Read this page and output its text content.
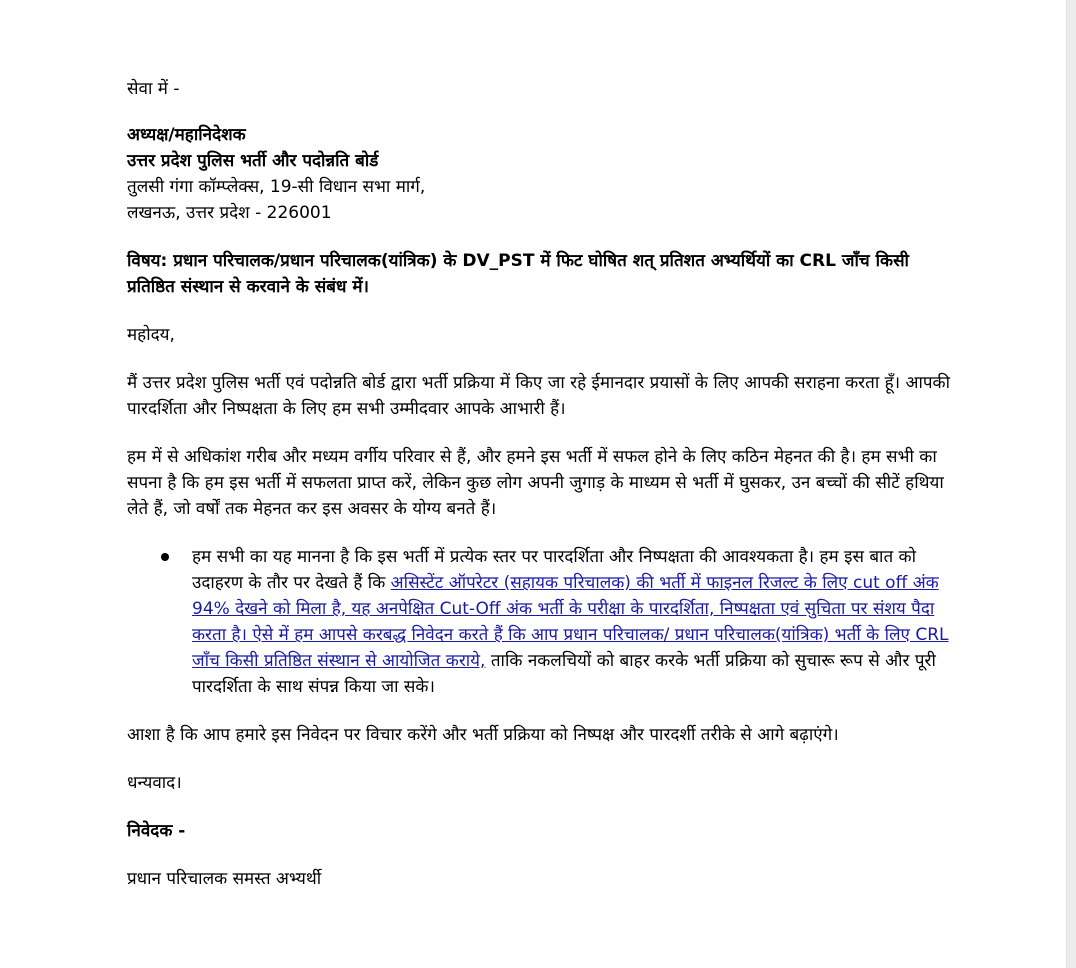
सेवा में -

अध्यक्ष/महानिदेशक

उत्तर प्रदेश पुलिस भर्ती और पदोन्नति बोर्ड

तुलसी गंगा कॉम्प्लेक्स, 19-सी विधान सभा मार्ग,

लखनऊ, उत्तर प्रदेश - 226001

विषय: प्रधान परिचालक/प्रधान परिचालक(यांत्रिक) के DV_PST में फिट घोषित शत् प्रतिशत अभ्यर्थियों का CRL जाँच किसी प्रतिष्ठित संस्थान से करवाने के संबंध में।

महोदय,

मैं उत्तर प्रदेश पुलिस भर्ती एवं पदोन्नति बोर्ड द्वारा भर्ती प्रक्रिया में किए जा रहे ईमानदार प्रयासों के लिए आपकी सराहना करता हूँ। आपकी पारदर्शिता और निष्पक्षता के लिए हम सभी उम्मीदवार आपके आभारी हैं।

हम में से अधिकांश गरीब और मध्यम वर्गीय परिवार से हैं, और हमने इस भर्ती में सफल होने के लिए कठिन मेहनत की है। हम सभी का सपना है कि हम इस भर्ती में सफलता प्राप्त करें, लेकिन कुछ लोग अपनी जुगाड़ के माध्यम से भर्ती में घुसकर, उन बच्चों की सीटें हथिया लेते हैं, जो वर्षों तक मेहनत कर इस अवसर के योग्य बनते हैं।

हम सभी का यह मानना है कि इस भर्ती में प्रत्येक स्तर पर पारदर्शिता और निष्पक्षता की आवश्यकता है। हम इस बात को उदाहरण के तौर पर देखते हैं कि असिस्टेंट ऑपरेटर (सहायक परिचालक) की भर्ती में फाइनल रिजल्ट के लिए cut off अंक 94% देखने को मिला है, यह अनपेक्षित Cut-Off अंक भर्ती के परीक्षा के पारदर्शिता, निष्पक्षता एवं सुचिता पर संशय पैदा करता है। ऐसे में हम आपसे करबद्ध निवेदन करते हैं कि आप प्रधान परिचालक/ प्रधान परिचालक(यांत्रिक) भर्ती के लिए CRL जाँच किसी प्रतिष्ठित संस्थान से आयोजित कराये, ताकि नकलचियों को बाहर करके भर्ती प्रक्रिया को सुचारू रूप से और पूरी पारदर्शिता के साथ संपन्न किया जा सके।

आशा है कि आप हमारे इस निवेदन पर विचार करेंगे और भर्ती प्रक्रिया को निष्पक्ष और पारदर्शी तरीके से आगे बढ़ाएंगे।

धन्यवाद।

निवेदक -

प्रधान परिचालक समस्त अभ्यर्थी
